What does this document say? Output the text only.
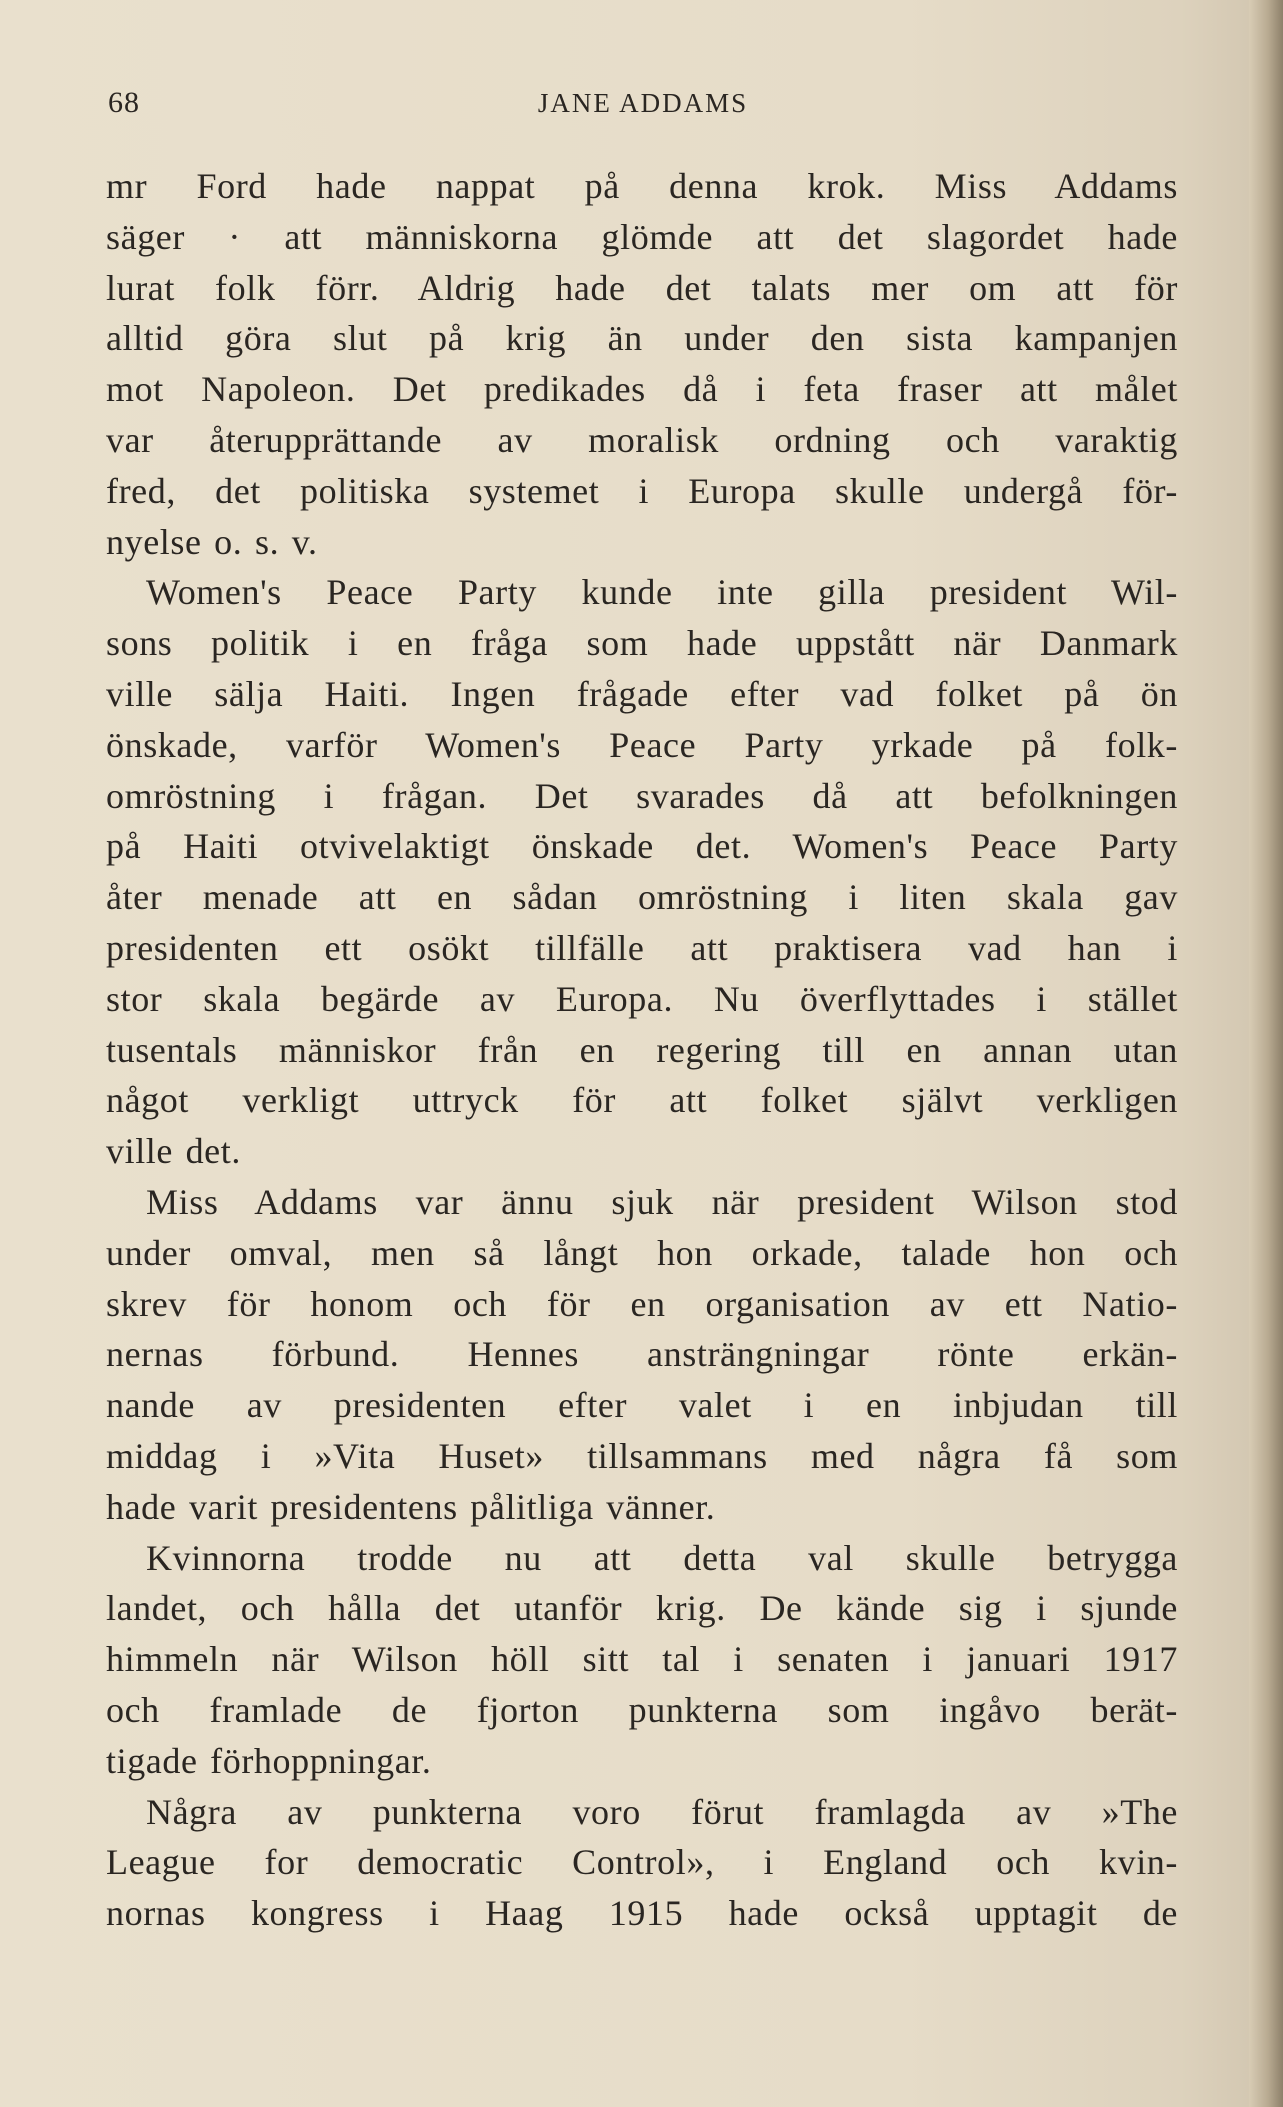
68	JANE ADDAMS
mr Ford hade nappat på denna krok. Miss Addams
säger · att människorna glömde att det slagordet hade
lurat folk förr. Aldrig hade det talats mer om att för
alltid göra slut på krig än under den sista kampanjen
mot Napoleon. Det predikades då i feta fraser att målet
var återupprättande av moralisk ordning och varaktig
fred, det politiska systemet i Europa skulle undergå för-
nyelse o. s. v.
Women's Peace Party kunde inte gilla president Wil-
sons politik i en fråga som hade uppstått när Danmark
ville sälja Haiti. Ingen frågade efter vad folket på ön
önskade, varför Women's Peace Party yrkade på folk-
omröstning i frågan. Det svarades då att befolkningen
på Haiti otvivelaktigt önskade det. Women's Peace Party
åter menade att en sådan omröstning i liten skala gav
presidenten ett osökt tillfälle att praktisera vad han i
stor skala begärde av Europa. Nu överflyttades i stället
tusentals människor från en regering till en annan utan
något verkligt uttryck för att folket självt verkligen
ville det.
Miss Addams var ännu sjuk när president Wilson stod
under omval, men så långt hon orkade, talade hon och
skrev för honom och för en organisation av ett Natio-
nernas förbund. Hennes ansträngningar rönte erkän-
nande av presidenten efter valet i en inbjudan till
middag i »Vita Huset» tillsammans med några få som
hade varit presidentens pålitliga vänner.
Kvinnorna trodde nu att detta val skulle betrygga
landet, och hålla det utanför krig. De kände sig i sjunde
himmeln när Wilson höll sitt tal i senaten i januari 1917
och framlade de fjorton punkterna som ingåvo berät-
tigade förhoppningar.
Några av punkterna voro förut framlagda av »The
League for democratic Control», i England och kvin-
nornas kongress i Haag 1915 hade också upptagit de
